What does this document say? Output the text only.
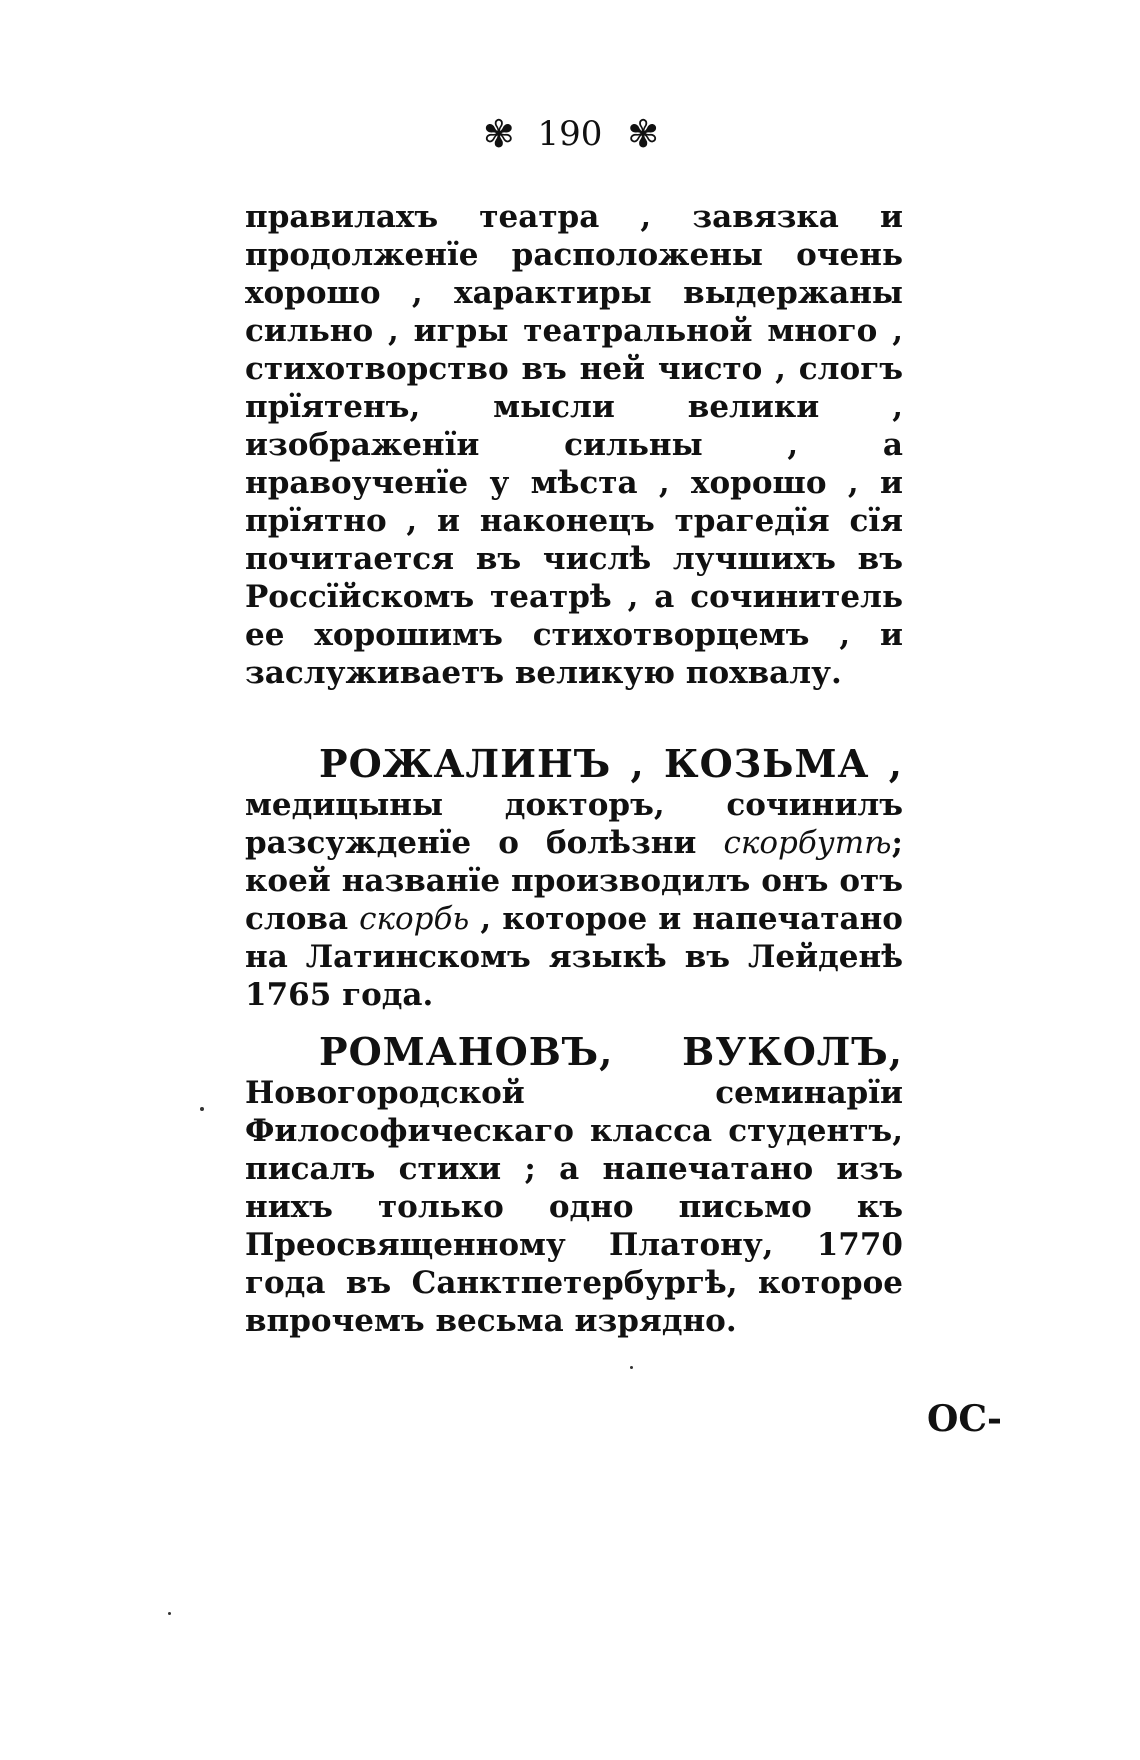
✾ 190 ✾
правилахъ театра , завязка и продолженїе расположены очень хорошо , характиры выдержаны сильно , игры театральной много , стихотворство въ ней чисто , слогъ прїятенъ, мысли велики , изображенїи сильны , а нравоученїе у мѣста , хорошо , и прїятно , и наконецъ трагедїя сїя почитается въ числѣ лучшихъ въ Россїйскомъ театрѣ , а сочинитель ее хорошимъ стихотворцемъ , и заслуживаетъ великую похвалу.
РОЖАЛИНЪ , КОЗЬМА , медицыны докторъ, сочинилъ разсужденїе о болѣзни скорбутѣ; коей названїе производилъ онъ отъ слова скорбь , которое и напечатано на Латинскомъ языкѣ въ Лейденѣ 1765 года.
РОМАНОВЪ, ВУКОЛЪ, Новогородской семинарїи Философическаго класса студентъ, писалъ стихи ; а напечатано изъ нихъ только одно письмо къ Преосвященному Платону, 1770 года въ Санктпетербургѣ, которое впрочемъ весьма изрядно.
ОС-
